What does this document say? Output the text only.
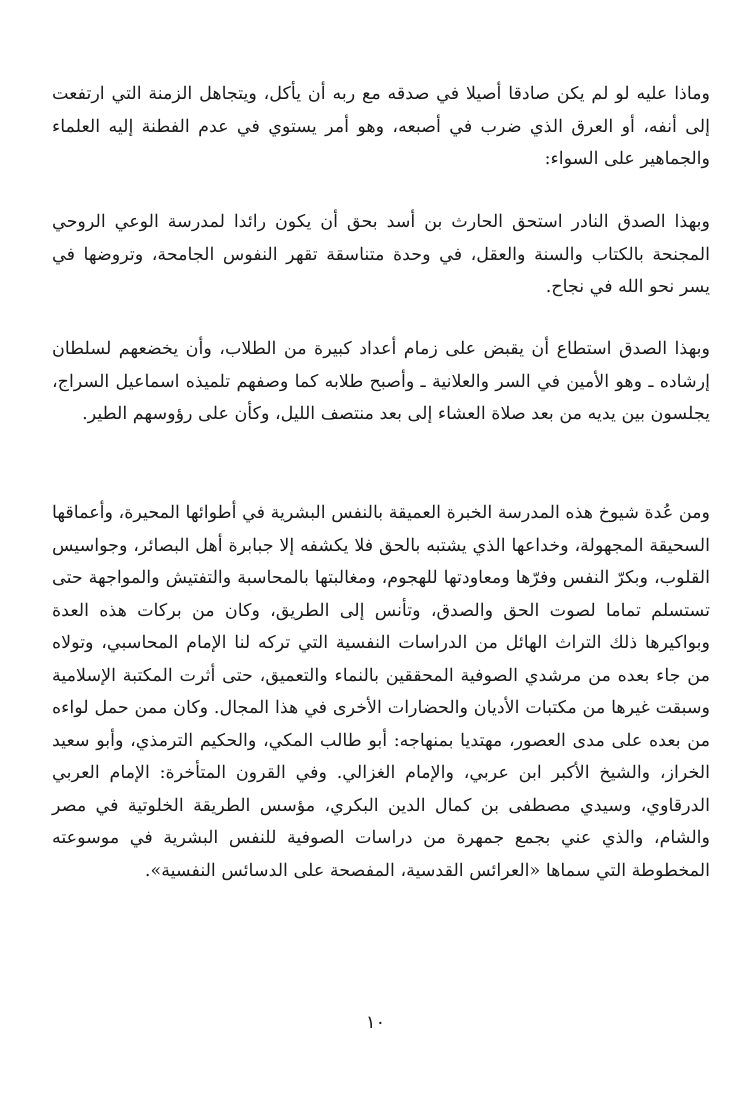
وماذا عليه لو لم يكن صادقا أصيلا في صدقه مع ربه أن يأكل، ويتجاهل الزمنة التي ارتفعت إلى أنفه، أو العرق الذي ضرب في أصبعه، وهو أمر يستوي في عدم الفطنة إليه العلماء والجماهير على السواء:

وبهذا الصدق النادر استحق الحارث بن أسد بحق أن يكون رائدا لمدرسة الوعي الروحي المجنحة بالكتاب والسنة والعقل، في وحدة متناسقة تقهر النفوس الجامحة، وتروضها في يسر نحو الله في نجاح.

وبهذا الصدق استطاع أن يقبض على زمام أعداد كبيرة من الطلاب، وأن يخضعهم لسلطان إرشاده ـ وهو الأمين في السر والعلانية ـ وأصبح طلابه كما وصفهم تلميذه اسماعيل السراج، يجلسون بين يديه من بعد صلاة العشاء إلى بعد منتصف الليل، وكأن على رؤوسهم الطير.

ومن عُدة شيوخ هذه المدرسة الخبرة العميقة بالنفس البشرية في أطوائها المحيرة، وأعماقها السحيقة المجهولة، وخداعها الذي يشتبه بالحق فلا يكشفه إلا جبابرة أهل البصائر، وجواسيس القلوب، وبكرّ النفس وفرّها ومعاودتها للهجوم، ومغالبتها بالمحاسبة والتفتيش والمواجهة حتى تستسلم تماما لصوت الحق والصدق، وتأنس إلى الطريق، وكان من بركات هذه العدة وبواكيرها ذلك التراث الهائل من الدراسات النفسية التي تركه لنا الإمام المحاسبي، وتولاه من جاء بعده من مرشدي الصوفية المحققين بالنماء والتعميق، حتى أثرت المكتبة الإسلامية وسبقت غيرها من مكتبات الأديان والحضارات الأخرى في هذا المجال. وكان ممن حمل لواءه من بعده على مدى العصور، مهتديا بمنهاجه: أبو طالب المكي، والحكيم الترمذي، وأبو سعيد الخراز، والشيخ الأكبر ابن عربي، والإمام الغزالي. وفي القرون المتأخرة: الإمام العربي الدرقاوي، وسيدي مصطفى بن كمال الدين البكري، مؤسس الطريقة الخلوتية في مصر والشام، والذي عني بجمع جمهرة من دراسات الصوفية للنفس البشرية في موسوعته المخطوطة التي سماها «العرائس القدسية، المفصحة على الدسائس النفسية».

١٠
